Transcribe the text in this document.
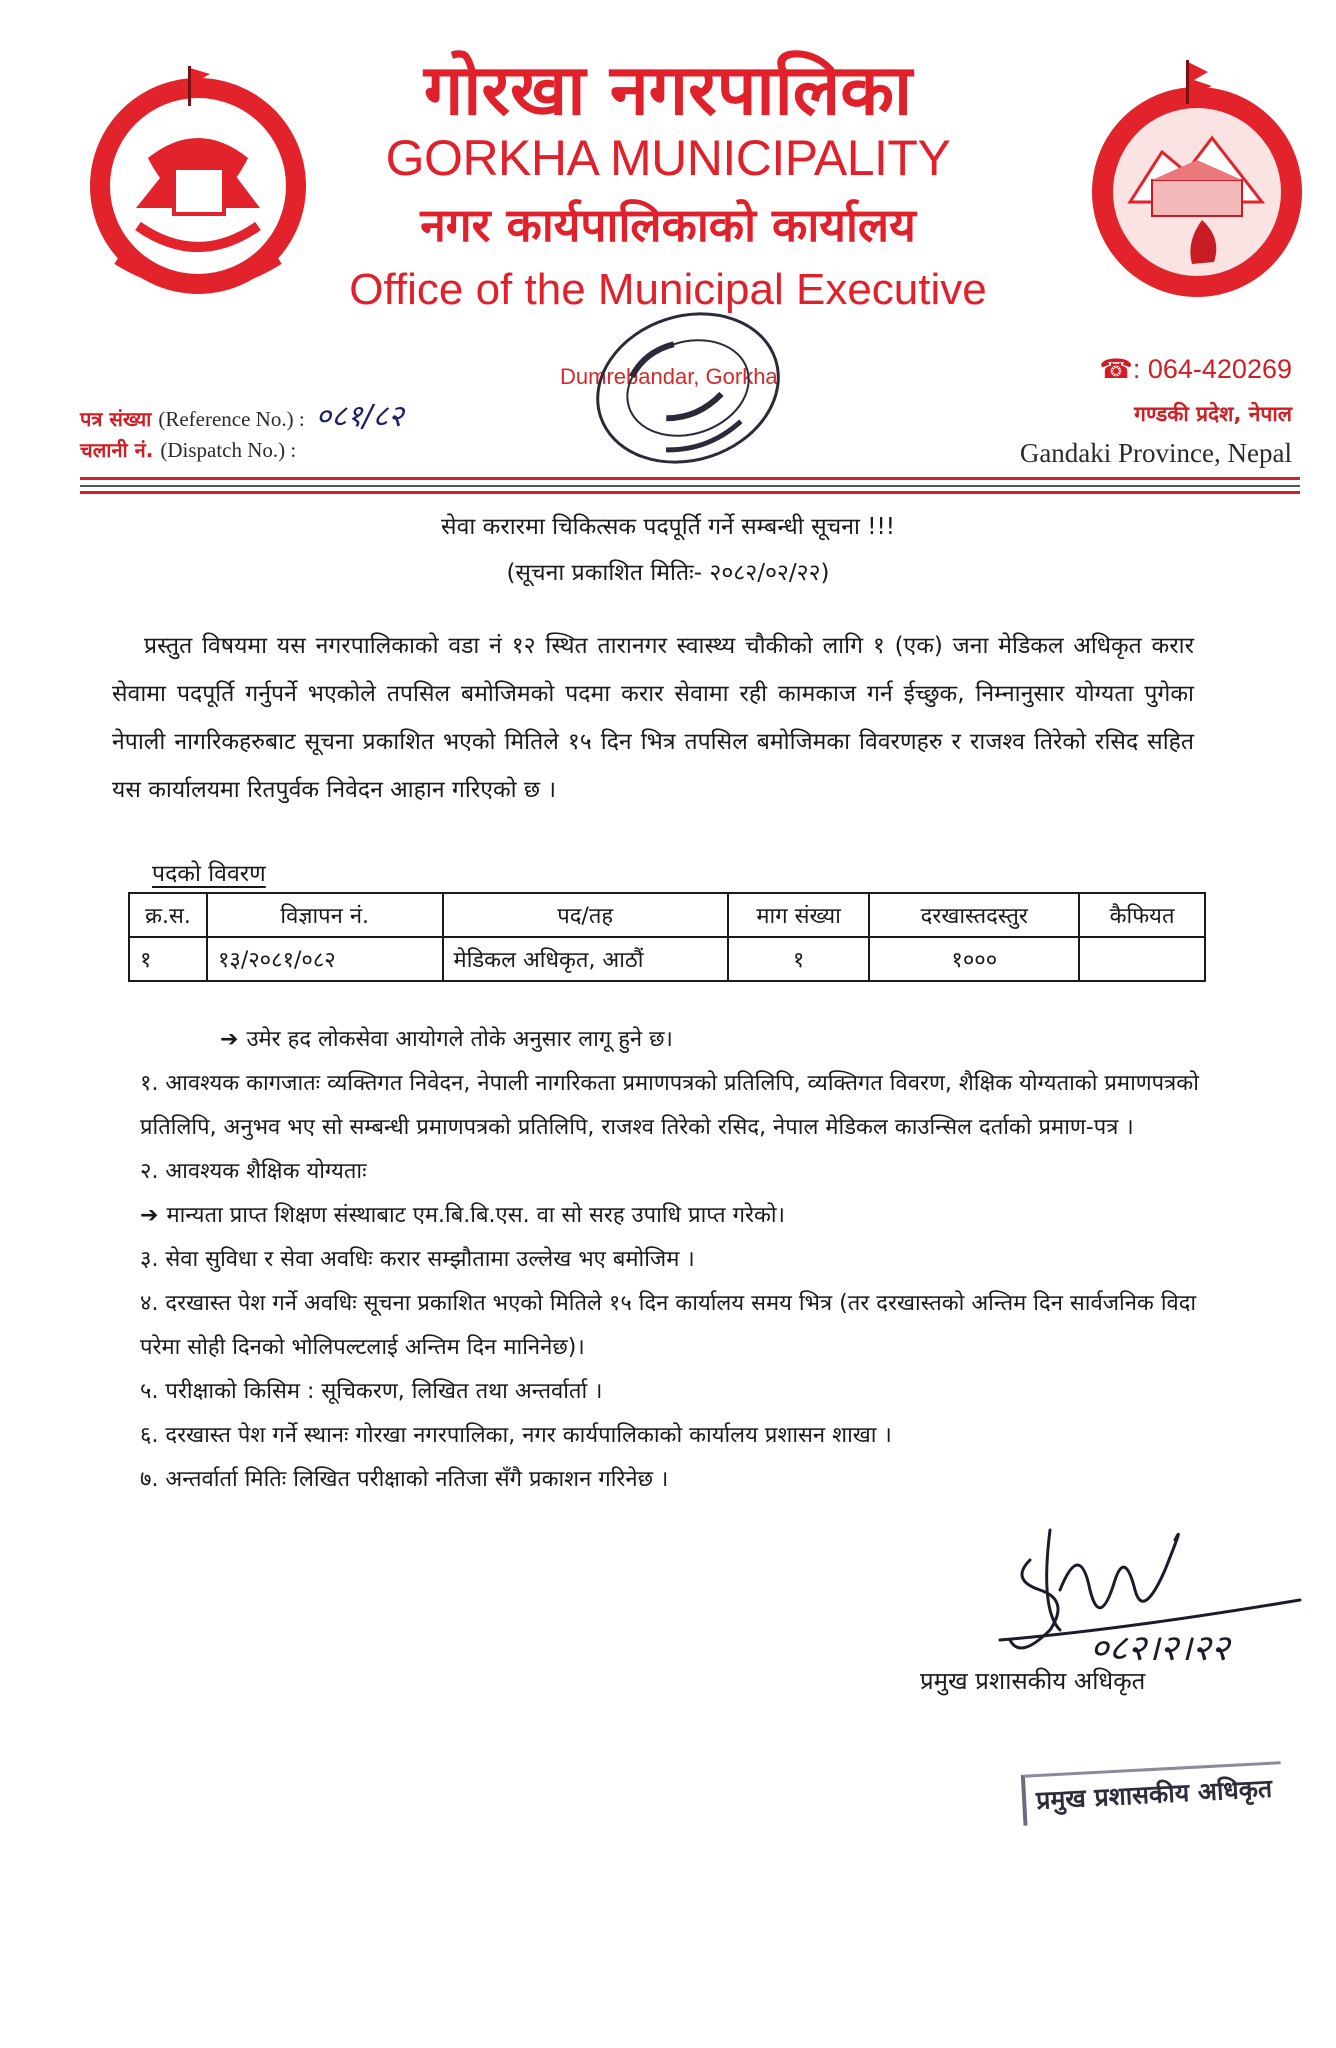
गोरखा नगरपालिका
GORKHA MUNICIPALITY
नगर कार्यपालिकाको कार्यालय
Office of the Municipal Executive
Dumrebandar, Gorkha
पत्र संख्या (Reference No.) : ०८१/८२
चलानी नं. (Dispatch No.) :
☎: 064-420269
गण्डकी प्रदेश, नेपाल
Gandaki Province, Nepal
सेवा करारमा चिकित्सक पदपूर्ति गर्ने सम्बन्धी सूचना !!!
(सूचना प्रकाशित मितिः- २०८२/०२/२२)
प्रस्तुत विषयमा यस नगरपालिकाको वडा नं १२ स्थित तारानगर स्वास्थ्य चौकीको लागि १ (एक) जना मेडिकल अधिकृत करार सेवामा पदपूर्ति गर्नुपर्ने भएकोले तपसिल बमोजिमको पदमा करार सेवामा रही कामकाज गर्न ईच्छुक, निम्नानुसार योग्यता पुगेका नेपाली नागरिकहरुबाट सूचना प्रकाशित भएको मितिले १५ दिन भित्र तपसिल बमोजिमका विवरणहरु र राजश्व तिरेको रसिद सहित यस कार्यालयमा रितपुर्वक निवेदन आहान गरिएको छ ।
पदको विवरण
क्र.स.	विज्ञापन नं.	पद/तह	माग संख्या	दरखास्तदस्तुर	कैफियत
१	१३/२०८१/०८२	मेडिकल अधिकृत, आठौं	१	१०००	
➔ उमेर हद लोकसेवा आयोगले तोके अनुसार लागू हुने छ।
१. आवश्यक कागजातः व्यक्तिगत निवेदन, नेपाली नागरिकता प्रमाणपत्रको प्रतिलिपि, व्यक्तिगत विवरण, शैक्षिक योग्यताको प्रमाणपत्रको प्रतिलिपि, अनुभव भए सो सम्बन्धी प्रमाणपत्रको प्रतिलिपि, राजश्व तिरेको रसिद, नेपाल मेडिकल काउन्सिल दर्ताको प्रमाण-पत्र ।
२. आवश्यक शैक्षिक योग्यताः
➔ मान्यता प्राप्त शिक्षण संस्थाबाट एम.बि.बि.एस. वा सो सरह उपाधि प्राप्त गरेको।
३. सेवा सुविधा र सेवा अवधिः करार सम्झौतामा उल्लेख भए बमोजिम ।
४. दरखास्त पेश गर्ने अवधिः सूचना प्रकाशित भएको मितिले १५ दिन कार्यालय समय भित्र (तर दरखास्तको अन्तिम दिन सार्वजनिक विदा परेमा सोही दिनको भोलिपल्टलाई अन्तिम दिन मानिनेछ)।
५. परीक्षाको किसिम : सूचिकरण, लिखित तथा अन्तर्वार्ता ।
६. दरखास्त पेश गर्ने स्थानः गोरखा नगरपालिका, नगर कार्यपालिकाको कार्यालय प्रशासन शाखा ।
७. अन्तर्वार्ता मितिः लिखित परीक्षाको नतिजा सँगै प्रकाशन गरिनेछ ।
०८२।२।२२
प्रमुख प्रशासकीय अधिकृत
प्रमुख प्रशासकीय अधिकृत
